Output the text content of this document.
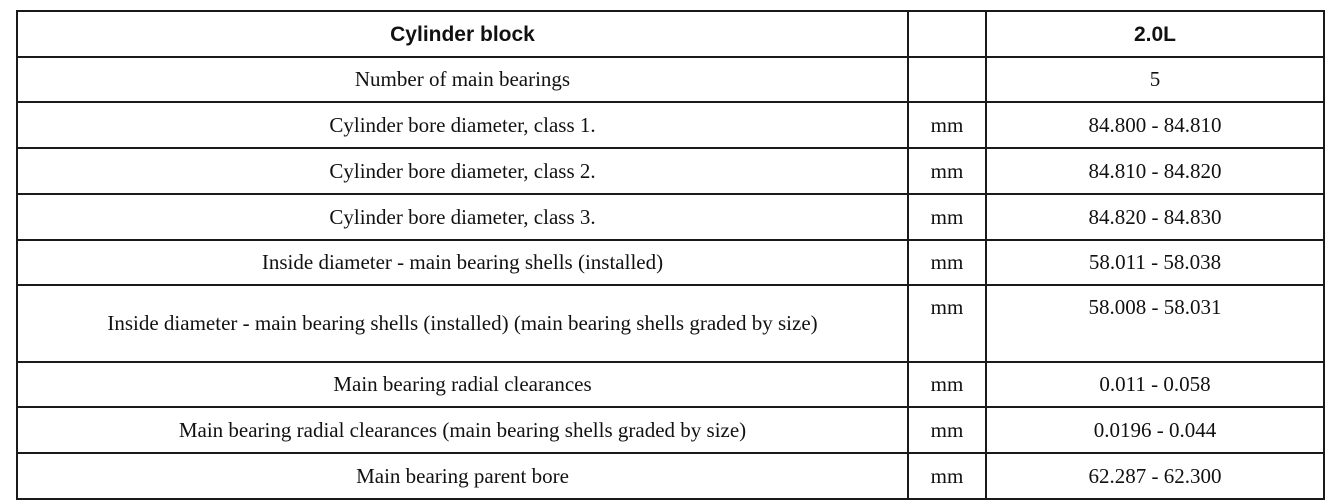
Cylinder block		2.0L
Number of main bearings		5
Cylinder bore diameter, class 1.	mm	84.800 - 84.810
Cylinder bore diameter, class 2.	mm	84.810 - 84.820
Cylinder bore diameter, class 3.	mm	84.820 - 84.830
Inside diameter - main bearing shells (installed)	mm	58.011 - 58.038
Inside diameter - main bearing shells (installed) (main bearing shells graded by size)	mm	58.008 - 58.031
Main bearing radial clearances	mm	0.011 - 0.058
Main bearing radial clearances (main bearing shells graded by size)	mm	0.0196 - 0.044
Main bearing parent bore	mm	62.287 - 62.300
